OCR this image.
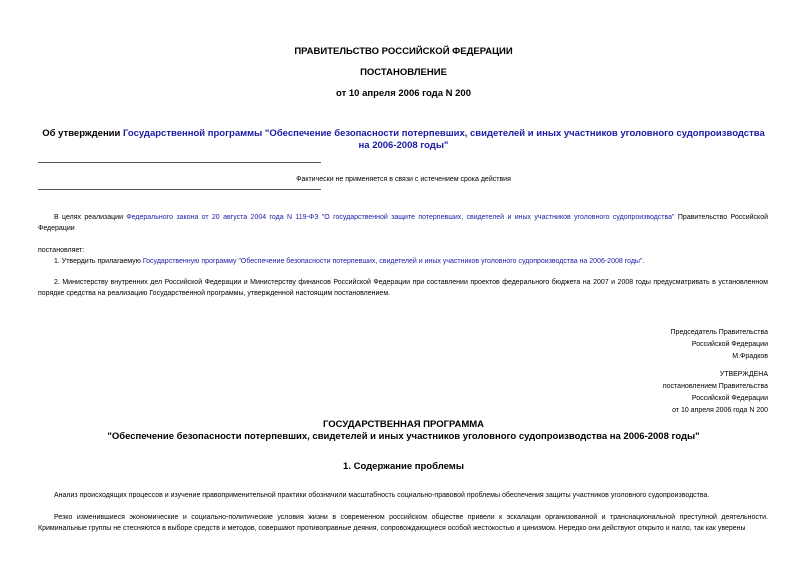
ПРАВИТЕЛЬСТВО РОССИЙСКОЙ ФЕДЕРАЦИИ
ПОСТАНОВЛЕНИЕ
от 10 апреля 2006 года N 200
Об утверждении Государственной программы "Обеспечение безопасности потерпевших, свидетелей и иных участников уголовного судопроизводства на 2006-2008 годы"
Фактически не применяется в связи с истечением срока действия
В целях реализации Федерального закона от 20 августа 2004 года N 119-ФЗ "О государственной защите потерпевших, свидетелей и иных участников уголовного судопроизводства" Правительство Российской Федерации
постановляет:
1. Утвердить прилагаемую Государственную программу "Обеспечение безопасности потерпевших, свидетелей и иных участников уголовного судопроизводства на 2006-2008 годы".
2. Министерству внутренних дел Российской Федерации и Министерству финансов Российской Федерации при составлении проектов федерального бюджета на 2007 и 2008 годы предусматривать в установленном порядке средства на реализацию Государственной программы, утвержденной настоящим постановлением.
Председатель Правительства
Российской Федерации
М.Фрадков
УТВЕРЖДЕНА
постановлением Правительства
Российской Федерации
от 10 апреля 2006 года N 200
ГОСУДАРСТВЕННАЯ ПРОГРАММА
"Обеспечение безопасности потерпевших, свидетелей и иных участников уголовного судопроизводства на 2006-2008 годы"
1. Содержание проблемы
Анализ происходящих процессов и изучение правоприменительной практики обозначили масштабность социально-правовой проблемы обеспечения защиты участников уголовного судопроизводства.
Резко изменившиеся экономические и социально-политические условия жизни в современном российском обществе привели к эскалации организованной и транснациональной преступной деятельности. Криминальные группы не стесняются в выборе средств и методов, совершают противоправные деяния, сопровождающиеся особой жестокостью и цинизмом. Нередко они действуют открыто и нагло, так как уверены
